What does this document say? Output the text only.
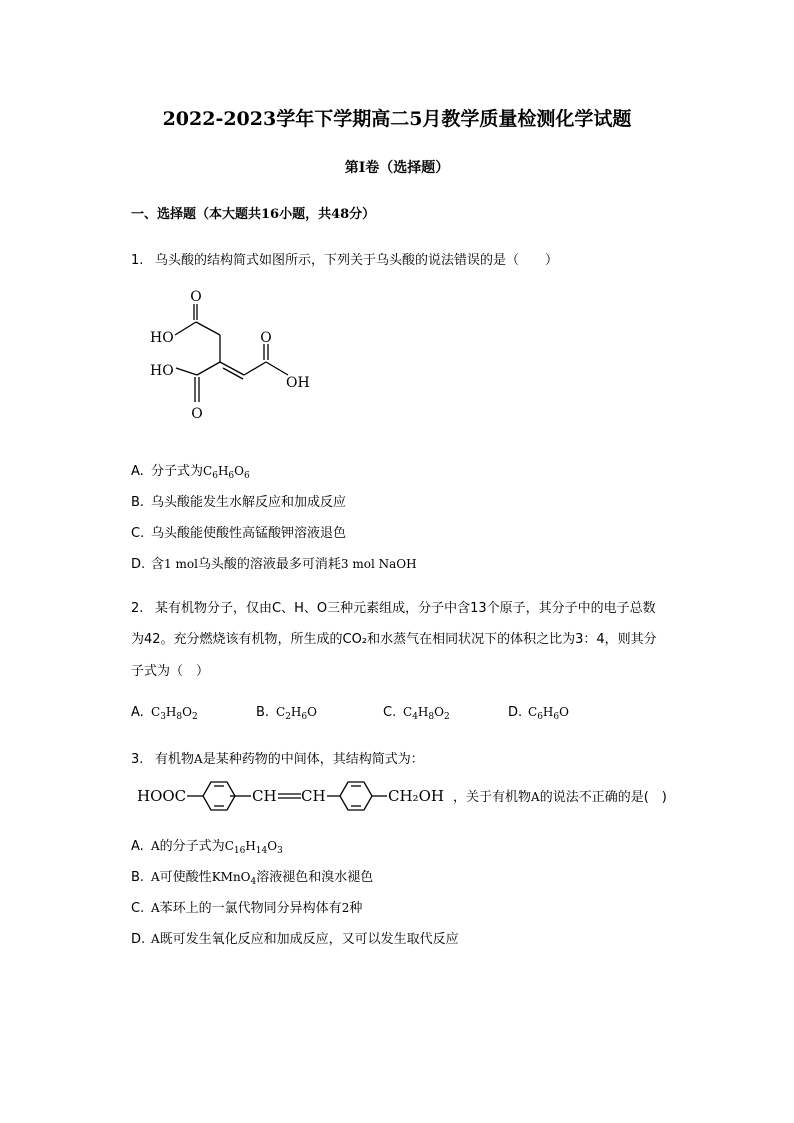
2022-2023学年下学期高二5月教学质量检测化学试题
第I卷（选择题）
一、选择题（本大题共16小题，共48分）
1. 乌头酸的结构简式如图所示，下列关于乌头酸的说法错误的是（　　）
O
HO	O
HO
OH
O
A. 分子式为$C_6H_6O_6$
B. 乌头酸能发生水解反应和加成反应
C. 乌头酸能使酸性高锰酸钾溶液退色
D. 含1 mol乌头酸的溶液最多可消耗3 mol NaOH
2. 某有机物分子，仅由C、H、O三种元素组成，分子中含13个原子，其分子中的电子总数
为42。充分燃烧该有机物，所生成的CO₂和水蒸气在相同状况下的体积之比为3：4，则其分
子式为（　）
A. $C_3H_8O_2$	B. $C_2H_6O$	C. $C_4H_8O_2$	D. $C_6H_6O$
3. 有机物A是某种药物的中间体，其结构简式为：
HOOC	CH CH	CH₂OH ，关于有机物A的说法不正确的是(　)
A. A的分子式为$C_{16}H_{14}O_3$
B. A可使酸性KMnO$_4$溶液褪色和溴水褪色
C. A苯环上的一氯代物同分异构体有2种
D. A既可发生氧化反应和加成反应，又可以发生取代反应
